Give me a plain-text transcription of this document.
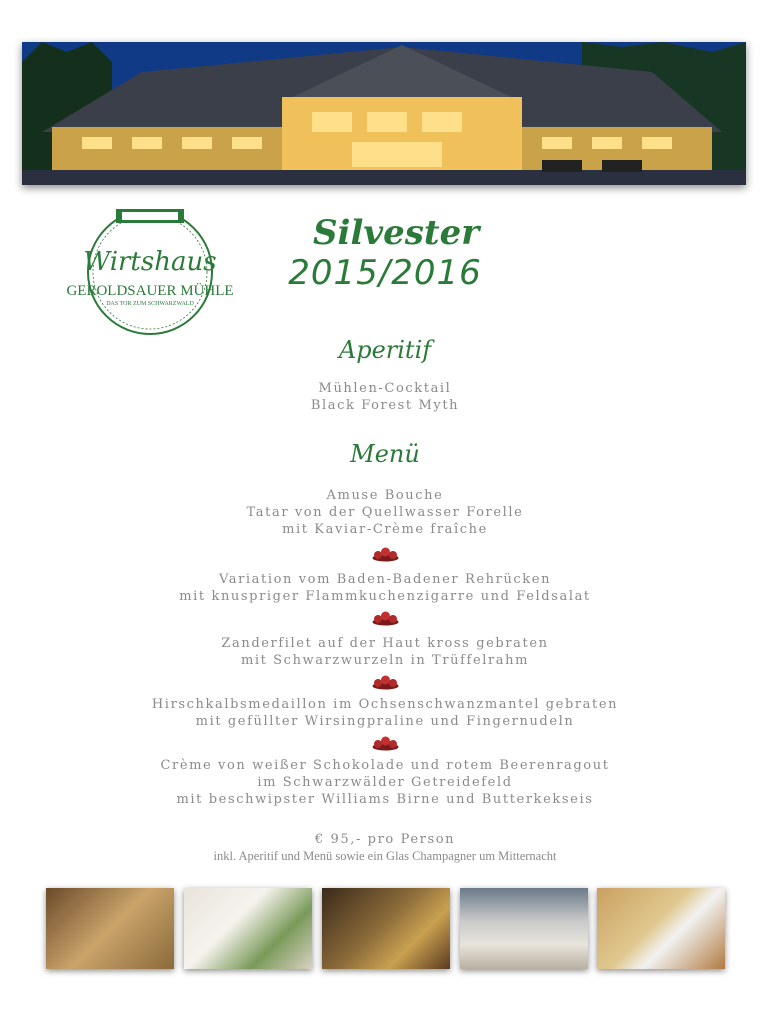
Wirtshaus
GEROLDSAUER MÜHLE
DAS TOR ZUM SCHWARZWALD
Silvester
2015/2016
Aperitif
Mühlen-Cocktail
Black Forest Myth
Menü
Amuse Bouche
Tatar von der Quellwasser Forelle
mit Kaviar-Crème fraîche
Variation vom Baden-Badener Rehrücken
mit knuspriger Flammkuchenzigarre und Feldsalat
Zanderfilet auf der Haut kross gebraten
mit Schwarzwurzeln in Trüffelrahm
Hirschkalbsmedaillon im Ochsenschwanzmantel gebraten
mit gefüllter Wirsingpraline und Fingernudeln
Crème von weißer Schokolade und rotem Beerenragout
im Schwarzwälder Getreidefeld
mit beschwipster Williams Birne und Butterkekseis
€ 95,- pro Person
inkl. Aperitif und Menü sowie ein Glas Champagner um Mitternacht
